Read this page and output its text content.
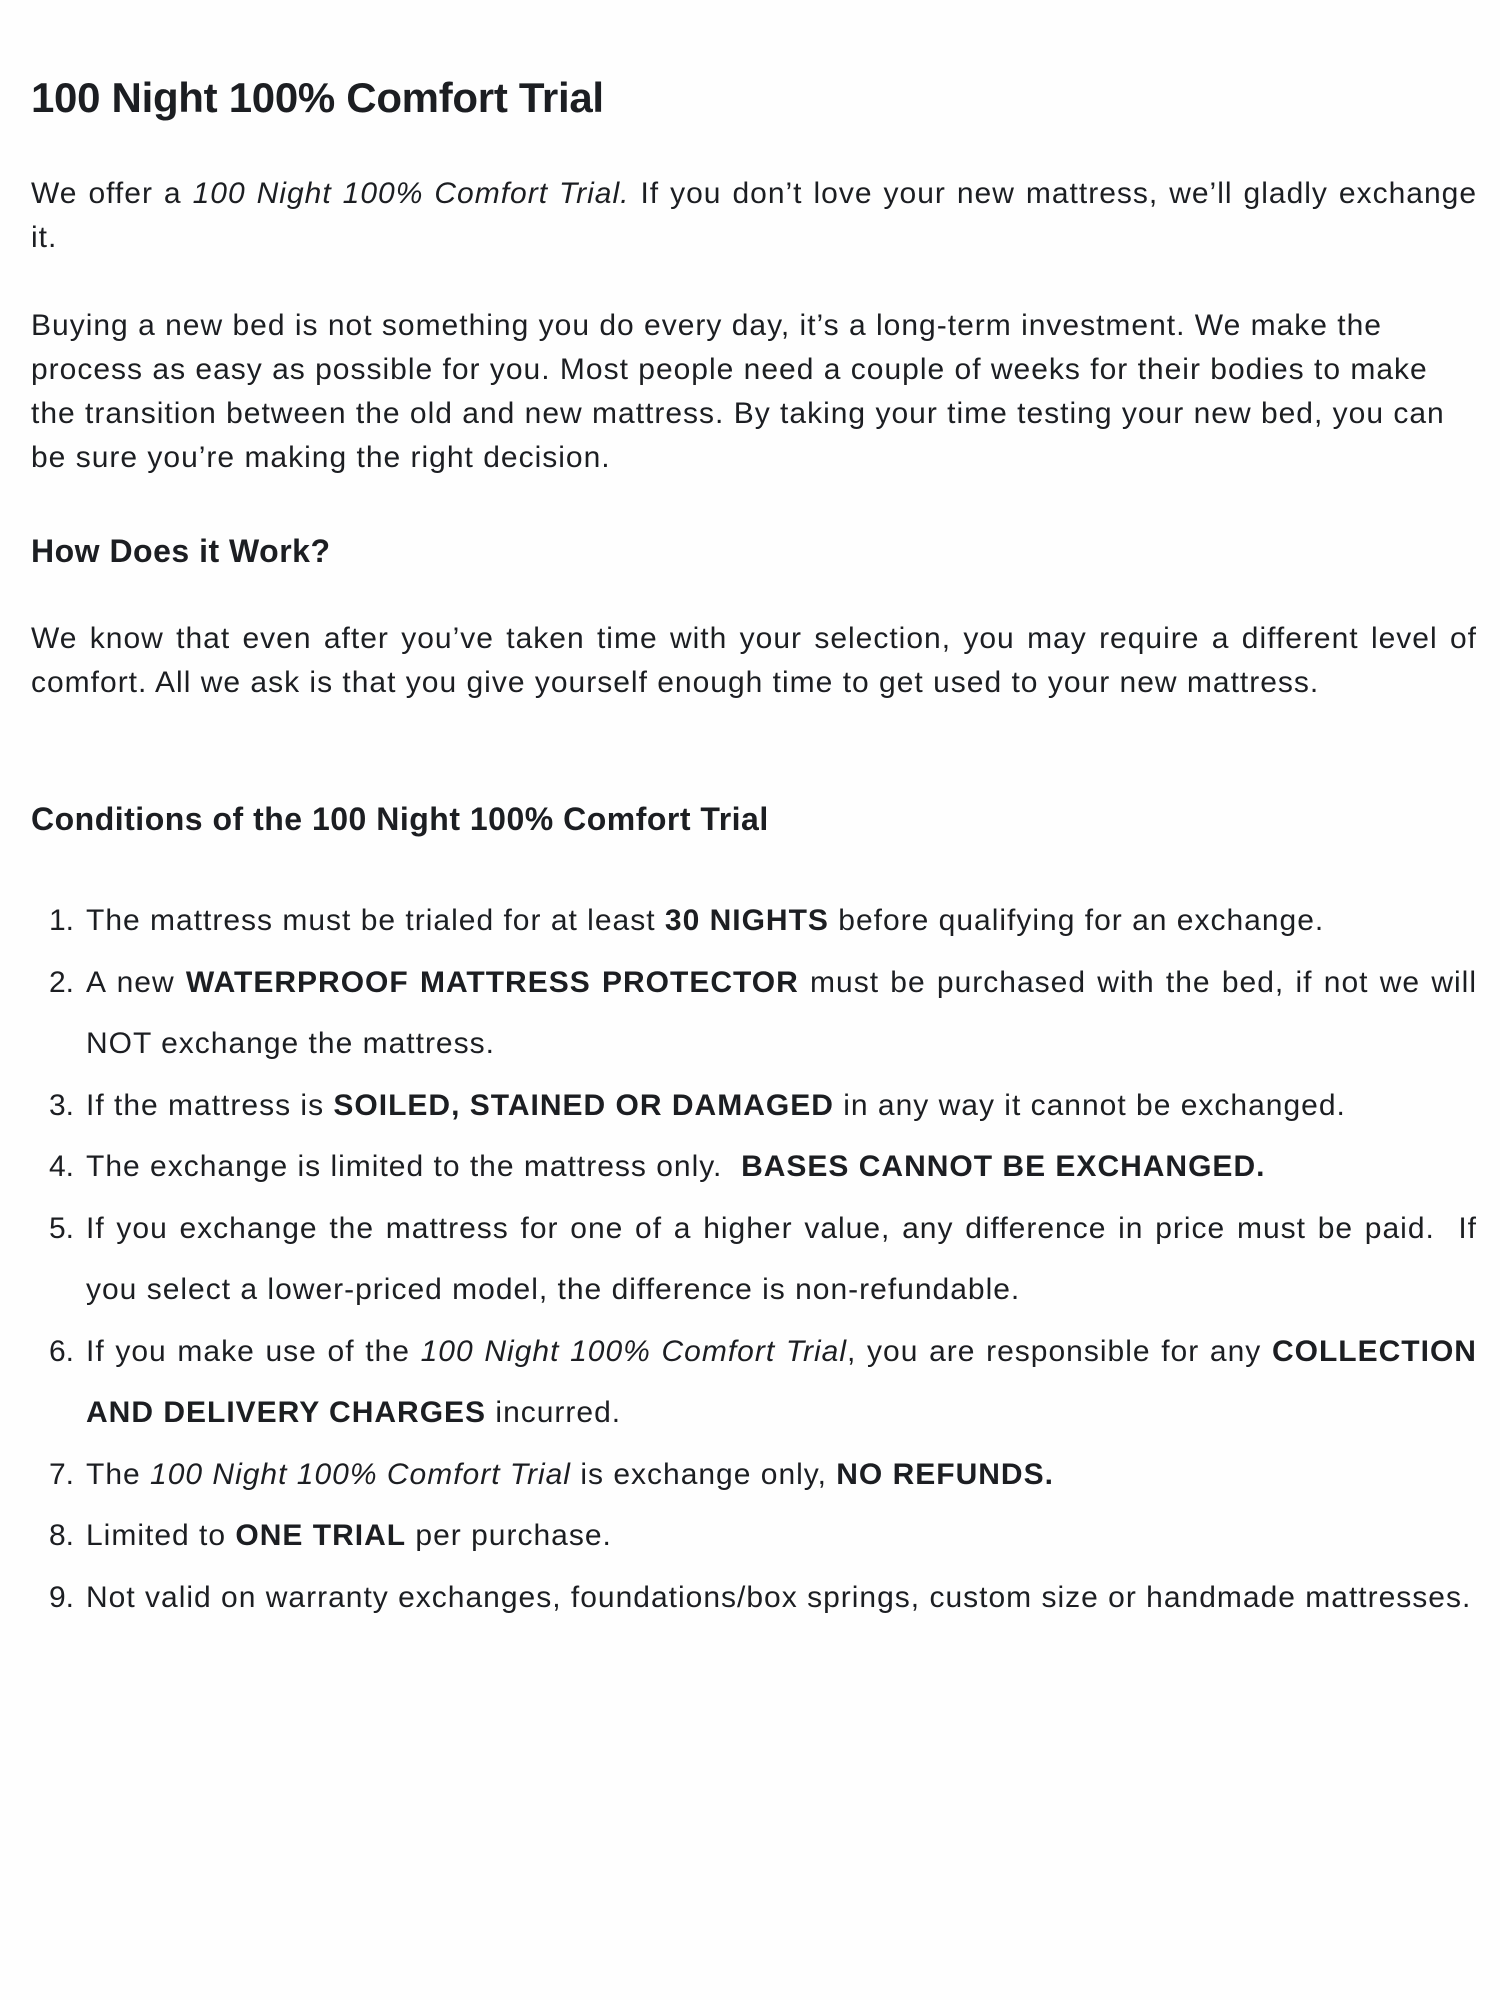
100 Night 100% Comfort Trial

We offer a 100 Night 100% Comfort Trial. If you don’t love your new mattress, we’ll gladly exchange it.

Buying a new bed is not something you do every day, it’s a long-term investment. We make the process as easy as possible for you. Most people need a couple of weeks for their bodies to make the transition between the old and new mattress. By taking your time testing your new bed, you can be sure you’re making the right decision.

How Does it Work?

We know that even after you’ve taken time with your selection, you may require a different level of comfort. All we ask is that you give yourself enough time to get used to your new mattress.

Conditions of the 100 Night 100% Comfort Trial
1. The mattress must be trialed for at least 30 NIGHTS before qualifying for an exchange.
2. A new WATERPROOF MATTRESS PROTECTOR must be purchased with the bed, if not we will NOT exchange the mattress.
3. If the mattress is SOILED, STAINED OR DAMAGED in any way it cannot be exchanged.
4. The exchange is limited to the mattress only.  BASES CANNOT BE EXCHANGED.
5. If you exchange the mattress for one of a higher value, any difference in price must be paid.  If you select a lower-priced model, the difference is non-refundable.
6. If you make use of the 100 Night 100% Comfort Trial, you are responsible for any COLLECTION AND DELIVERY CHARGES incurred.
7. The 100 Night 100% Comfort Trial is exchange only, NO REFUNDS.
8. Limited to ONE TRIAL per purchase.
9. Not valid on warranty exchanges, foundations/box springs, custom size or handmade mattresses.
